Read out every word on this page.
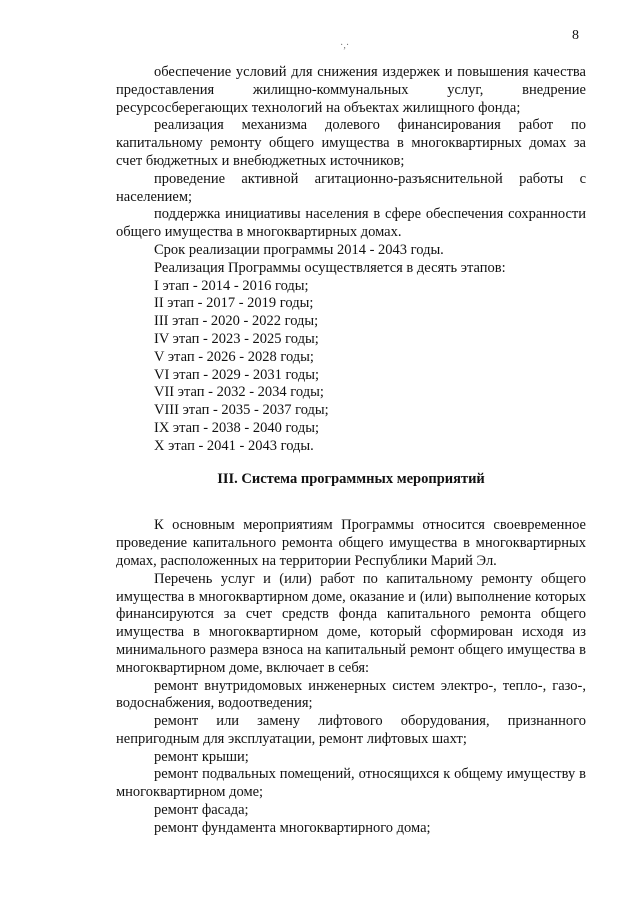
8
·,·

обеспечение условий для снижения издержек и повышения качества предоставления жилищно-коммунальных услуг, внедрение ресурсосберегающих технологий на объектах жилищного фонда;

реализация механизма долевого финансирования работ по капитальному ремонту общего имущества в многоквартирных домах за счет бюджетных и внебюджетных источников;

проведение активной агитационно-разъяснительной работы с населением;

поддержка инициативы населения в сфере обеспечения сохранности общего имущества в многоквартирных домах.

Срок реализации программы 2014 - 2043 годы.

Реализация Программы осуществляется в десять этапов:

I этап - 2014 - 2016 годы;
II этап - 2017 - 2019 годы;
III этап - 2020 - 2022 годы;
IV этап - 2023 - 2025 годы;
V этап - 2026 - 2028 годы;
VI этап - 2029 - 2031 годы;
VII этап - 2032 - 2034 годы;
VIII этап - 2035 - 2037 годы;
IX этап - 2038 - 2040 годы;
X этап - 2041 - 2043 годы.
III. Система программных мероприятий

К основным мероприятиям Программы относится своевременное проведение капитального ремонта общего имущества в многоквартирных домах, расположенных на территории Республики Марий Эл.

Перечень услуг и (или) работ по капитальному ремонту общего имущества в многоквартирном доме, оказание и (или) выполнение которых финансируются за счет средств фонда капитального ремонта общего имущества в многоквартирном доме, который сформирован исходя из минимального размера взноса на капитальный ремонт общего имущества в многоквартирном доме, включает в себя:

ремонт внутридомовых инженерных систем электро-, тепло-, газо-, водоснабжения, водоотведения;

ремонт или замену лифтового оборудования, признанного непригодным для эксплуатации, ремонт лифтовых шахт;

ремонт крыши;

ремонт подвальных помещений, относящихся к общему имуществу в многоквартирном доме;

ремонт фасада;

ремонт фундамента многоквартирного дома;
